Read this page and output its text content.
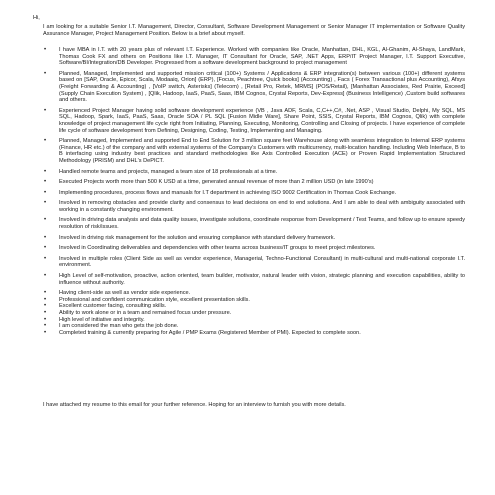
Hi,
I am looking for a suitable Senior I.T. Management, Director, Consultant, Software Development Management or Senior Manager IT implementation or Software Quality Assurance Manager, Project Management Position. Below is a brief about myself.
• I have MBA in I.T. with 20 years plus of relevant I.T. Experience. Worked with companies like Oracle, Manhattan, DHL, KGL, Al-Ghanim, Al-Shaya, LandMark, Thomas Cook FX and others on Positions like I.T. Manager, IT Consultant for Oracle, SAP, .NET Apps, ERP/IT Project Manager, I.T. Support Executive, Software/BI/Integration/DB Developer. Progressed from a software development background to project management
• Planned, Managed, Implemented and supported mission critical (100+) Systems / Applications & ERP integration(s) between various (100+) different systems based on [SAP, Oracle, Epicor, Scala, Modaaiq, Orion] (ERP), [Focus, Peachtree, Quick books] (Accounting) , Facs ( Forex Transactional plus Accounting), Afsys (Freight Forwarding & Accounting) , [VoIP switch, Asterisks] (Telecom) , [Retail Pro, Retek, MRMS] (POS/Retail), [Manhattan Associates, Red Prairie, Exceed] (Supply Chain Execution System) , [Qlik, Hadoop, IaaS, PaaS, Saas, IBM Cognos, Crystal Reports, Dev-Express] (Business Intelligence) ,Custom build softwares and others.
• Experienced Project Manager having solid software development experience (VB , Java ADF, Scala, C,C++,C#, .Net, ASP , Visual Studio, Delphi, My SQL, MS SQL, Hadoop, Spark, IaaS, PaaS, Saas, Oracle SOA / PL SQL [Fusion Midle Ware], Share Point, SSIS, Crystal Reports, IBM Cognos, Qlik) with complete knowledge of project management life cycle right from Initiating, Planning, Executing, Monitoring, Controlling and Closing of projects. I have experience of complete life cycle of software development from Defining, Designing, Coding, Testing, Implementing and Managing.
• Planned, Managed, Implemented and supported End to End Solution for 3 million square feet Warehouse along with seamless integration to Internal ERP systems (Finance, HR etc.) of the company and with external systems of the Company's Customers with multicurrency, multi-location handling. Including Web Interface, B to B interfacing using industry best practices and standard methodologies like Axis Controlled Execution (ACE) or Proven Rapid Implementation Structured Methodology (PRISM) and DHL's DePICT.
• Handled remote teams and projects, managed a team size of 18 professionals at a time.
• Executed Projects worth more than 500 K USD at a time, generated annual revenue of more than 2 million USD (in late 1990's)
• Implementing procedures, process flows and manuals for I.T department in achieving ISO 9002 Certification in Thomas Cook Exchange.
• Involved in removing obstacles and provide clarity and consensus to lead decisions on end to end solutions. And I am able to deal with ambiguity associated with working in a constantly changing environment.
• Involved in driving data analysis and data quality issues, investigate solutions, coordinate response from Development / Test Teams, and follow up to ensure speedy resolution of risk/issues.
• Involved in driving risk management for the solution and ensuring compliance with standard delivery framework.
• Involved in Coordinating deliverables and dependencies with other teams across business/IT groups to meet project milestones.
• Involved in multiple roles (Client Side as well as vendor experience, Managerial, Techno-Functional Consultant) in multi-cultural and multi-national corporate I.T. environment.
• High Level of self-motivation, proactive, action oriented, team builder, motivator, natural leader with vision, strategic planning and execution capabilities, ability to influence without authority.
• Having client-side as well as vendor side experience.
• Professional and confident communication style, excellent presentation skills.
• Excellent customer facing, consulting skills.
• Ability to work alone or in a team and remained focus under pressure.
• High level of initiative and integrity.
• I am considered the man who gets the job done.
• Completed training & currently preparing for Agile / PMP Exams (Registered Member of PMI). Expected to complete soon.
I have attached my resume to this email for your further reference. Hoping for an interview to furnish you with more details.
